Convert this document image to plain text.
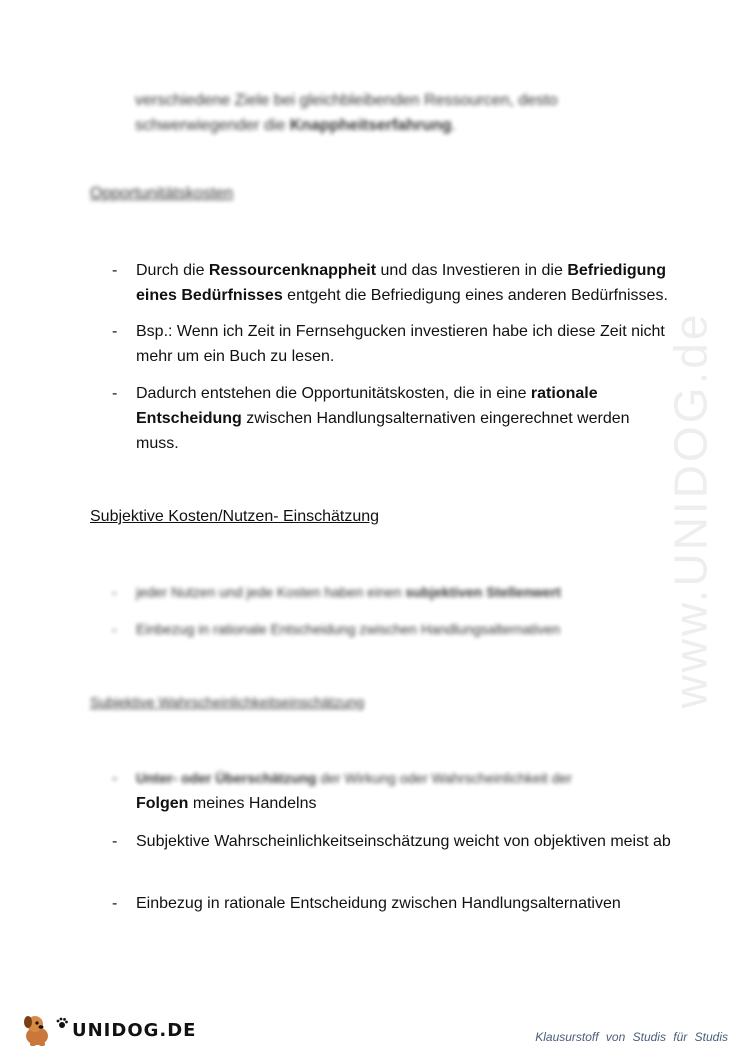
www.UNIDOG.de
verschiedene Ziele bei gleichbleibenden Ressourcen, desto
schwerwiegender die Knappheitserfahrung.
Opportunitätskosten
-	Durch die Ressourcenknappheit und das Investieren in die Befriedigung eines Bedürfnisses entgeht die Befriedigung eines anderen Bedürfnisses.
-	Bsp.: Wenn ich Zeit in Fernsehgucken investieren habe ich diese Zeit nicht mehr um ein Buch zu lesen.
-	Dadurch entstehen die Opportunitätskosten, die in eine rationale Entscheidung zwischen Handlungsalternativen eingerechnet werden muss.
Subjektive Kosten/Nutzen- Einschätzung
-	jeder Nutzen und jede Kosten haben einen subjektiven Stellenwert
-	Einbezug in rationale Entscheidung zwischen Handlungsalternativen
Subjektive Wahrscheinlichkeitseinschätzung
-	Unter- oder Überschätzung der Wirkung oder Wahrscheinlichkeit der
Folgen meines Handelns
-	Subjektive Wahrscheinlichkeitseinschätzung weicht von objektiven meist ab
-	Einbezug in rationale Entscheidung zwischen Handlungsalternativen
UNIDOG.DE	Klausurstoff von Studis für Studis
